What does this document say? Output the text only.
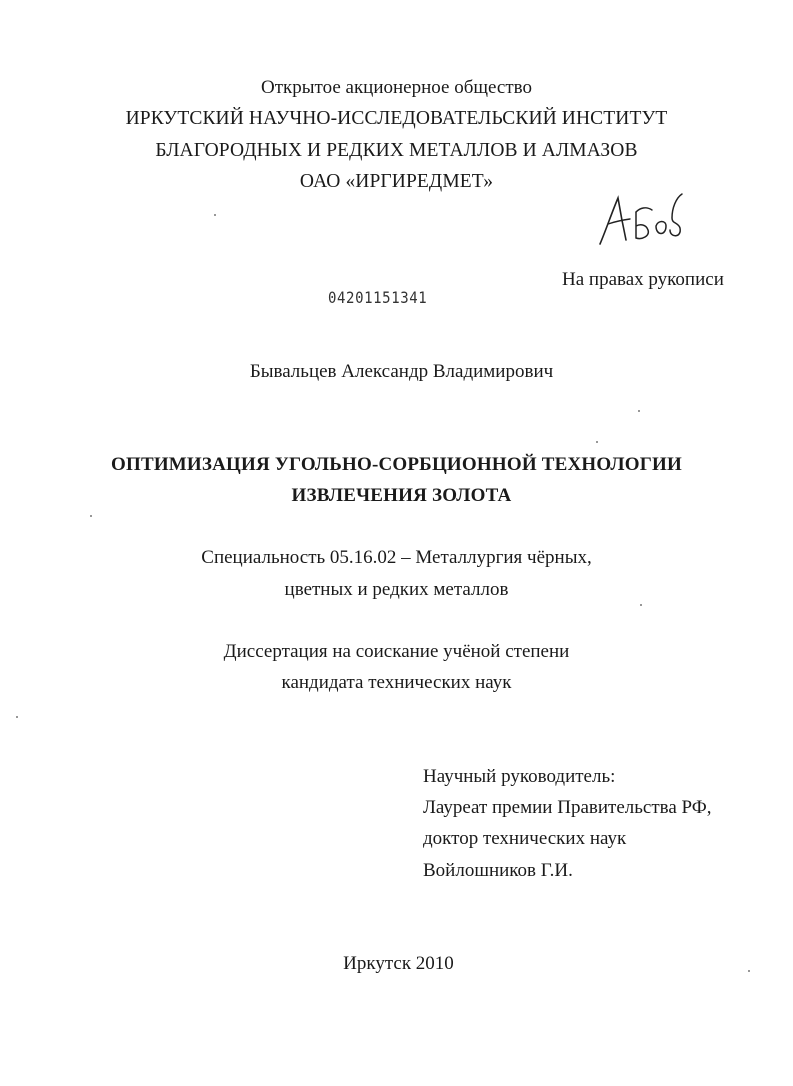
Открытое акционерное общество
ИРКУТСКИЙ НАУЧНО-ИССЛЕДОВАТЕЛЬСКИЙ ИНСТИТУТ
БЛАГОРОДНЫХ И РЕДКИХ МЕТАЛЛОВ И АЛМАЗОВ
ОАО «ИРГИРЕДМЕТ»
На правах рукописи
04201151341
Бывальцев Александр Владимирович
ОПТИМИЗАЦИЯ УГОЛЬНО-СОРБЦИОННОЙ ТЕХНОЛОГИИ
ИЗВЛЕЧЕНИЯ ЗОЛОТА
Специальность 05.16.02 – Металлургия чёрных,
цветных и редких металлов
Диссертация на соискание учёной степени
кандидата технических наук
Научный руководитель:
Лауреат премии Правительства РФ,
доктор технических наук
Войлошников Г.И.
Иркутск 2010
